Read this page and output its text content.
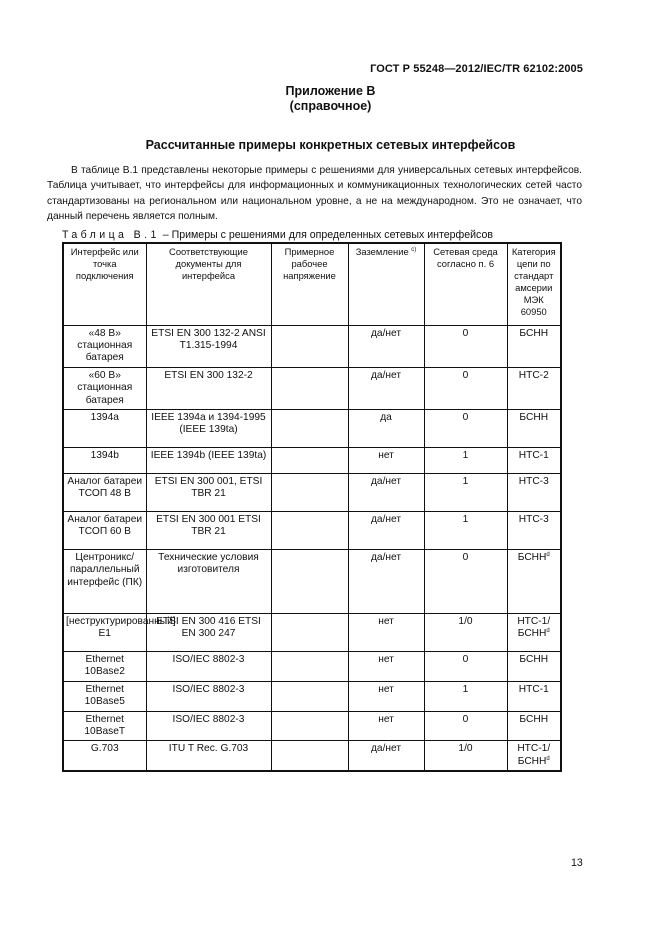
ГОСТ Р 55248—2012/IEC/TR 62102:2005
Приложение В
(справочное)
Рассчитанные примеры конкретных сетевых интерфейсов
В таблице В.1 представлены некоторые примеры с решениями для универсальных сетевых интерфейсов. Таблица учитывает, что интерфейсы для информационных и коммуникационных технологических сетей часто стандартизованы на региональном или национальном уровне, а не на международном. Это не означает, что данный перечень является полным.
Таблица В.1 – Примеры с решениями для определенных сетевых интерфейсов
Интерфейс или точка подключения	Соответствующие документы для интерфейса	Примерное рабочее напряжение	Заземление $^{c)}$	Сетевая среда согласно п. 6	Категория цепи по стандарт амсерии МЭК 60950
«48 В» стационная батарея	ETSI EN 300 132-2 ANSI T1.315-1994		да/нет	0	БСНН
«60 В» стационная батарея	ETSI EN 300 132-2		да/нет	0	НТС-2
1394a	IEEE 1394a и 1394-1995 (IEEE 139ta)		да	0	БСНН
1394b	IEEE 1394b (IEEE 139ta)		нет	1	НТС-1
Аналог батареи ТСОП 48 В	ETSI EN 300 001, ETSI TBR 21		да/нет	1	НТС-3
Аналог батареи ТСОП 60 В	ETSI EN 300 001 ETSI TBR 21		да/нет	1	НТС-3
Центроникс/ параллельный интерфейс (ПК)	Технические условия изготовителя		да/нет	0	БСНН$^d$
[неструктурированный] Е1	ETSI EN 300 416 ETSI EN 300 247		нет	1/0	НТС-1/ БСНН$^d$
Ethernet 10Base2	ISO/IEC 8802-3		нет	0	БСНН
Ethernet 10Base5	ISO/IEC 8802-3		нет	1	НТС-1
Ethernet 10BaseT	ISO/IEC 8802-3		нет	0	БСНН
G.703	ITU T Rec. G.703		да/нет	1/0	НТС-1/ БСНН$^d$
13
